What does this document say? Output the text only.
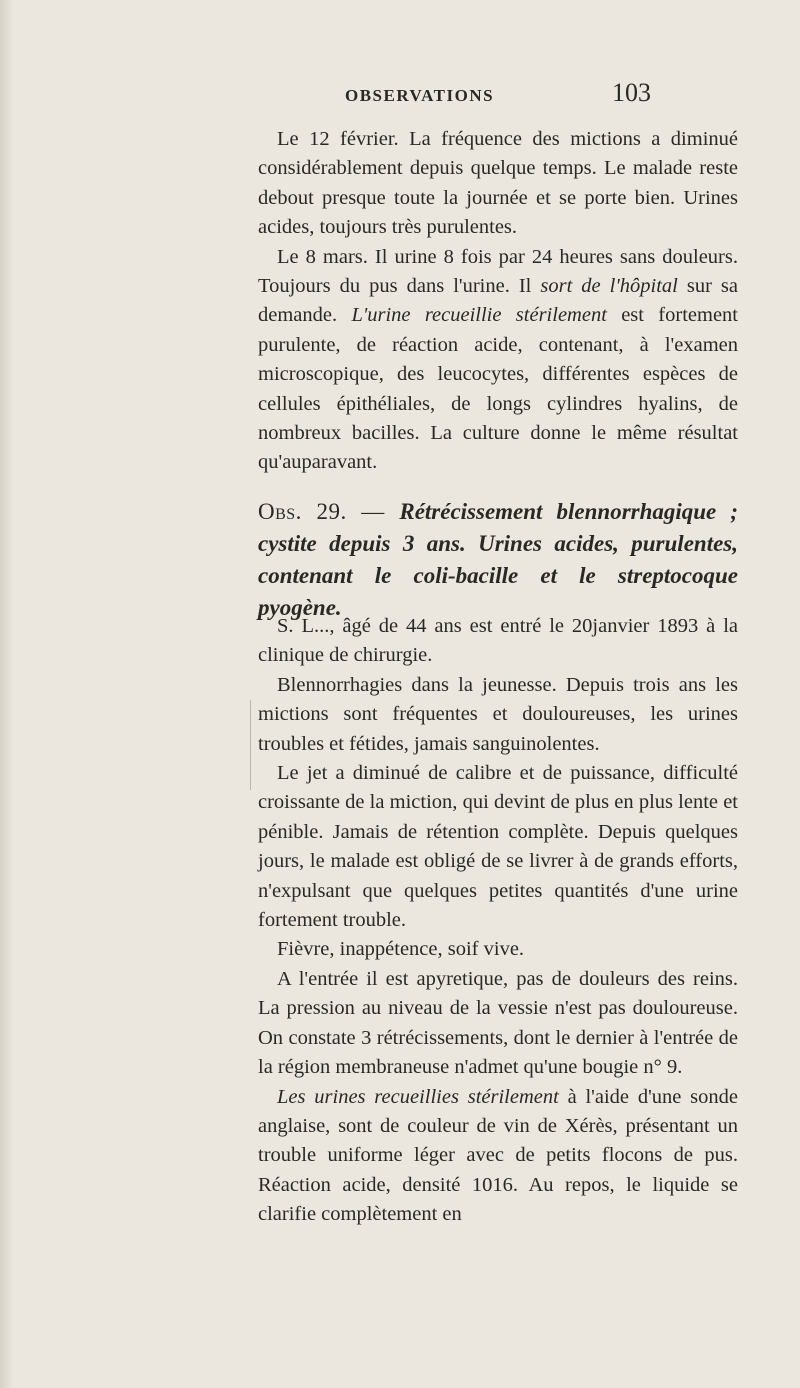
OBSERVATIONS	103

Le 12 février. La fréquence des mictions a diminué considérablement depuis quelque temps. Le malade reste debout presque toute la journée et se porte bien. Urines acides, toujours très purulentes.

Le 8 mars. Il urine 8 fois par 24 heures sans douleurs. Toujours du pus dans l'urine. Il sort de l'hôpital sur sa demande. L'urine recueillie stérilement est fortement purulente, de réaction acide, contenant, à l'examen microscopique, des leucocytes, différentes espèces de cellules épithéliales, de longs cylindres hyalins, de nombreux bacilles. La culture donne le même résultat qu'auparavant.

Obs. 29. — Rétrécissement blennorrhagique ; cystite depuis 3 ans. Urines acides, purulentes, contenant le coli-bacille et le streptocoque pyogène.

S. L..., âgé de 44 ans est entré le 20janvier 1893 à la clinique de chirurgie.

Blennorrhagies dans la jeunesse. Depuis trois ans les mictions sont fréquentes et douloureuses, les urines troubles et fétides, jamais sanguinolentes.

Le jet a diminué de calibre et de puissance, difficulté croissante de la miction, qui devint de plus en plus lente et pénible. Jamais de rétention complète. Depuis quelques jours, le malade est obligé de se livrer à de grands efforts, n'expulsant que quelques petites quantités d'une urine fortement trouble.

Fièvre, inappétence, soif vive.

A l'entrée il est apyretique, pas de douleurs des reins. La pression au niveau de la vessie n'est pas douloureuse. On constate 3 rétrécissements, dont le dernier à l'entrée de la région membraneuse n'admet qu'une bougie n° 9.

Les urines recueillies stérilement à l'aide d'une sonde anglaise, sont de couleur de vin de Xérès, présentant un trouble uniforme léger avec de petits flocons de pus. Réaction acide, densité 1016. Au repos, le liquide se clarifie complètement en
